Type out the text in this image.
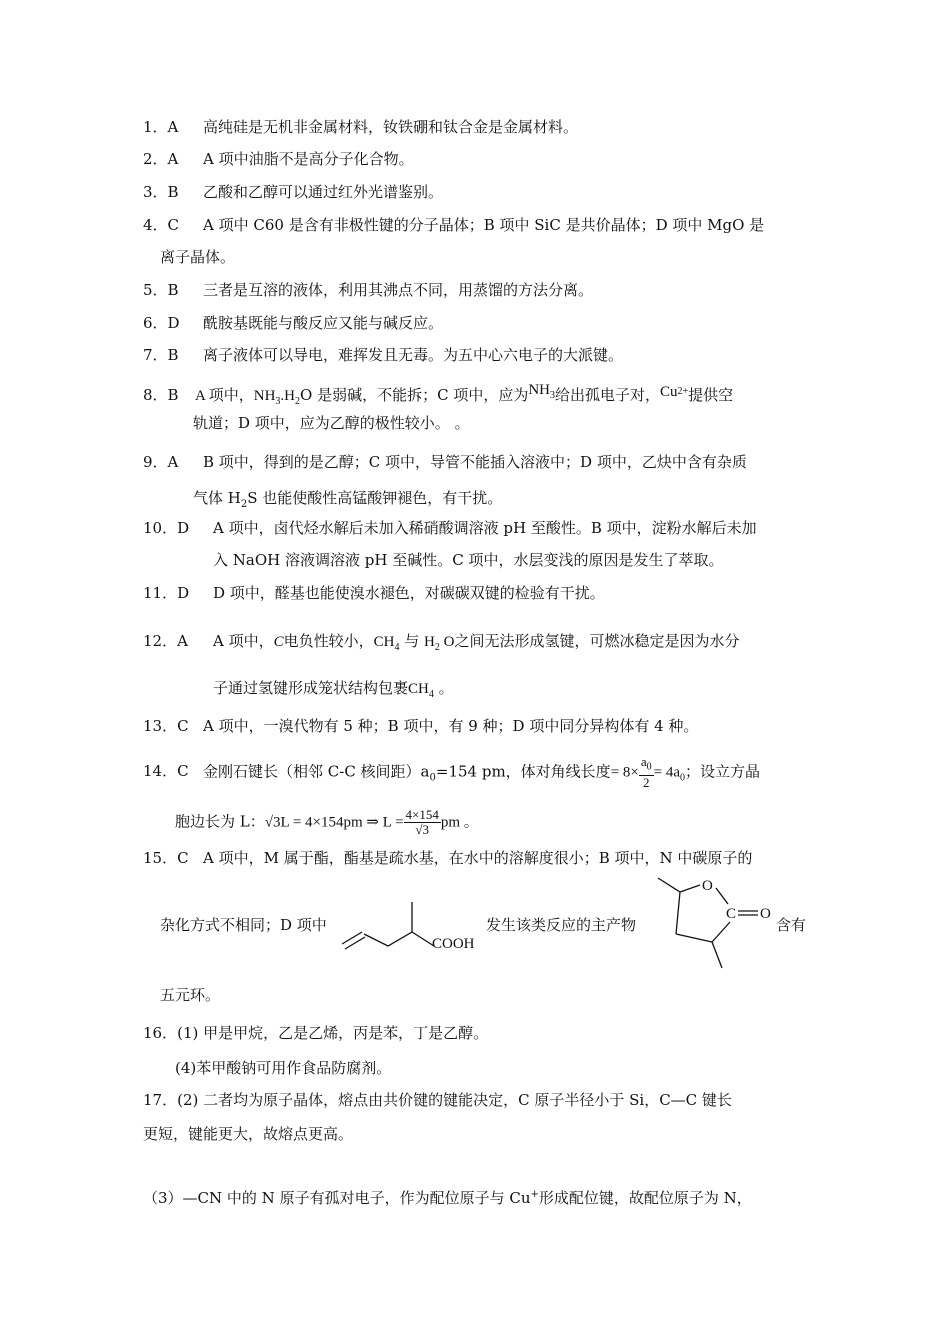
1．A 高纯硅是无机非金属材料，钕铁硼和钛合金是金属材料。
2．A A 项中油脂不是高分子化合物。
3．B 乙酸和乙醇可以通过红外光谱鉴别。
4．C A 项中 C60 是含有非极性键的分子晶体；B 项中 SiC 是共价晶体；D 项中 MgO 是
离子晶体。
5．B 三者是互溶的液体，利用其沸点不同，用蒸馏的方法分离。
6．D 酰胺基既能与酸反应又能与碱反应。
7．B 离子液体可以导电，难挥发且无毒。为五中心六电子的大派键。
8．B A 项中，$NH_3.H_2O$ 是弱碱，不能拆；C 项中，应为$NH_3$给出孤电子对，$Cu^{2+}$提供空
轨道；D 项中，应为乙醇的极性较小。 。
9．A B 项中，得到的是乙醇；C 项中，导管不能插入溶液中；D 项中，乙炔中含有杂质
气体 $H_2S$ 也能使酸性高锰酸钾褪色，有干扰。
10．D A 项中，卤代烃水解后未加入稀硝酸调溶液 pH 至酸性。B 项中，淀粉水解后未加
入 NaOH 溶液调溶液 pH 至碱性。C 项中，水层变浅的原因是发生了萃取。
11．D D 项中，醛基也能使溴水褪色，对碳碳双键的检验有干扰。
12．A A 项中，C电负性较小，$CH_4$ 与 $H_2$ O之间无法形成氢键，可燃冰稳定是因为水分
子通过氢键形成笼状结构包裹$CH_4$ 。
13．C A 项中，一溴代物有 5 种；B 项中，有 9 种；D 项中同分异构体有 4 种。
14．C 金刚石键长（相邻 C-C 核间距）$a_0=154$ pm，体对角线长度= $8\times \frac{a_0}{2} = 4a_0$；设立方晶
胞边长为 L：√3L = 4×154pm ⇒ $L = \frac{4\times 154}{√3}$ pm 。
15．C A 项中，M 属于酯，酯基是疏水基，在水中的溶解度很小；B 项中，N 中碳原子的
杂化方式不相同；D 项中
COOH
发生该类反应的主产物
O
C O
含有
五元环。
16．(1) 甲是甲烷，乙是乙烯，丙是苯，丁是乙醇。
(4)苯甲酸钠可用作食品防腐剂。
17．(2) 二者均为原子晶体，熔点由共价键的键能决定，C 原子半径小于 Si，C—C 键长
更短，键能更大，故熔点更高。
（3）—CN 中的 N 原子有孤对电子，作为配位原子与 Cu+形成配位键，故配位原子为 N，
